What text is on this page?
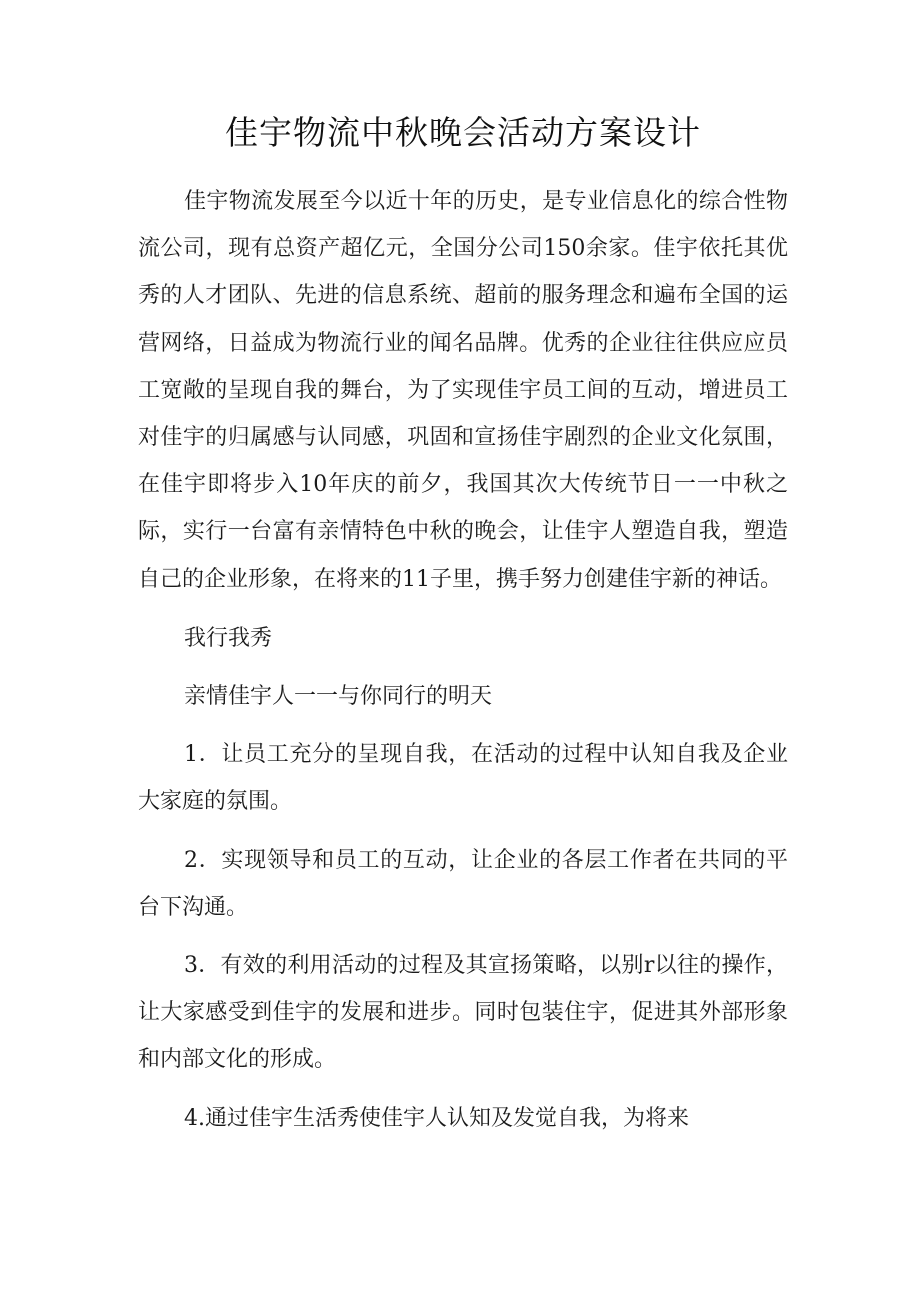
佳宇物流中秋晚会活动方案设计

佳宇物流发展至今以近十年的历史，是专业信息化的综合性物流公司，现有总资产超亿元，全国分公司150余家。佳宇依托其优秀的人才团队、先进的信息系统、超前的服务理念和遍布全国的运营网络，日益成为物流行业的闻名品牌。优秀的企业往往供应应员工宽敞的呈现自我的舞台，为了实现佳宇员工间的互动，增进员工对佳宇的归属感与认同感，巩固和宣扬佳宇剧烈的企业文化氛围，在佳宇即将步入10年庆的前夕，我国其次大传统节日一一中秋之际，实行一台富有亲情特色中秋的晚会，让佳宇人塑造自我，塑造自己的企业形象，在将来的11子里，携手努力创建佳宇新的神话。

我行我秀

亲情佳宇人一一与你同行的明天

1．让员工充分的呈现自我，在活动的过程中认知自我及企业大家庭的氛围。

2．实现领导和员工的互动，让企业的各层工作者在共同的平台下沟通。

3．有效的利用活动的过程及其宣扬策略，以别r以往的操作，让大家感受到佳宇的发展和进步。同时包装住宇，促进其外部形象和内部文化的形成。

4.通过佳宇生活秀使佳宇人认知及发觉自我，为将来
